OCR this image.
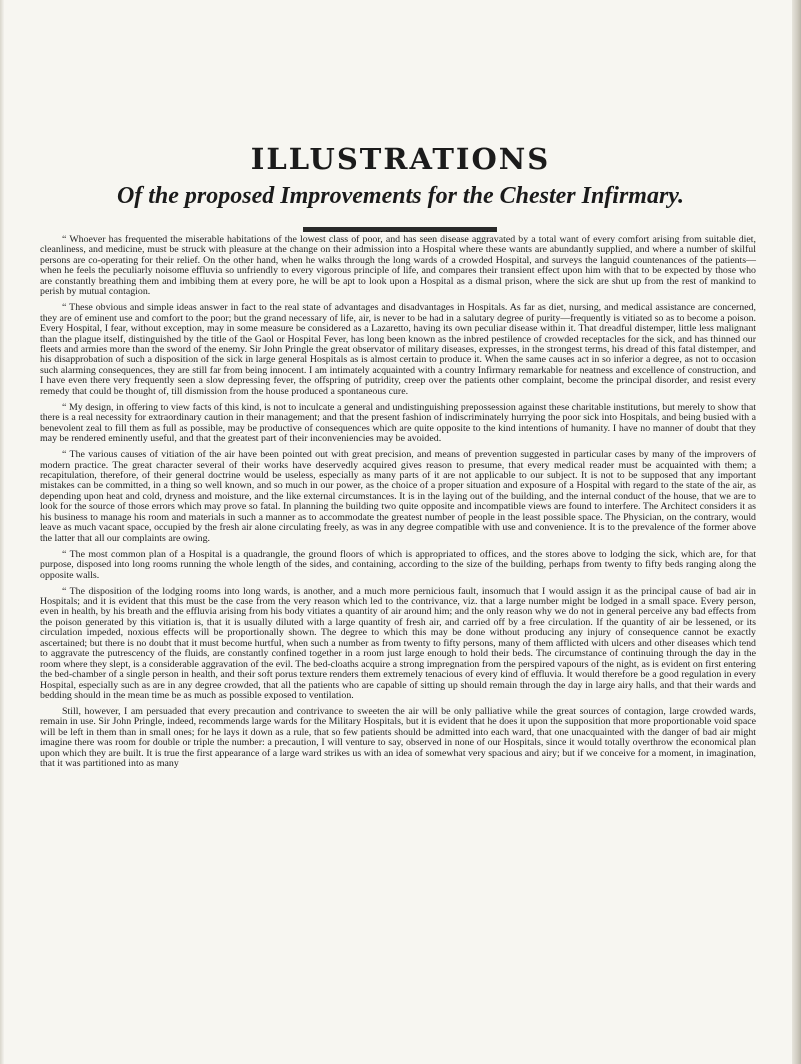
ILLUSTRATIONS
Of the proposed Improvements for the Chester Infirmary.

“ Whoever has frequented the miserable habitations of the lowest class of poor, and has seen disease aggravated by a total want of every comfort arising from suitable diet, cleanliness, and medicine, must be struck with pleasure at the change on their admission into a Hospital where these wants are abundantly supplied, and where a number of skilful persons are co-operating for their relief. On the other hand, when he walks through the long wards of a crowded Hospital, and surveys the languid countenances of the patients—when he feels the peculiarly noisome effluvia so unfriendly to every vigorous principle of life, and compares their transient effect upon him with that to be expected by those who are constantly breathing them and imbibing them at every pore, he will be apt to look upon a Hospital as a dismal prison, where the sick are shut up from the rest of mankind to perish by mutual contagion.

“ These obvious and simple ideas answer in fact to the real state of advantages and disadvantages in Hospitals. As far as diet, nursing, and medical assistance are concerned, they are of eminent use and comfort to the poor; but the grand necessary of life, air, is never to be had in a salutary degree of purity—frequently is vitiated so as to become a poison. Every Hospital, I fear, without exception, may in some measure be considered as a Lazaretto, having its own peculiar disease within it. That dreadful distemper, little less malignant than the plague itself, distinguished by the title of the Gaol or Hospital Fever, has long been known as the inbred pestilence of crowded receptacles for the sick, and has thinned our fleets and armies more than the sword of the enemy. Sir John Pringle the great observator of military diseases, expresses, in the strongest terms, his dread of this fatal distemper, and his disapprobation of such a disposition of the sick in large general Hospitals as is almost certain to produce it. When the same causes act in so inferior a degree, as not to occasion such alarming consequences, they are still far from being innocent. I am intimately acquainted with a country Infirmary remarkable for neatness and excellence of construction, and I have even there very frequently seen a slow depressing fever, the offspring of putridity, creep over the patients other complaint, become the principal disorder, and resist every remedy that could be thought of, till dismission from the house produced a spontaneous cure.

“ My design, in offering to view facts of this kind, is not to inculcate a general and undistinguishing prepossession against these charitable institutions, but merely to show that there is a real necessity for extraordinary caution in their management; and that the present fashion of indiscriminately hurrying the poor sick into Hospitals, and being busied with a benevolent zeal to fill them as full as possible, may be productive of consequences which are quite opposite to the kind intentions of humanity. I have no manner of doubt that they may be rendered eminently useful, and that the greatest part of their inconveniencies may be avoided.

“ The various causes of vitiation of the air have been pointed out with great precision, and means of prevention suggested in particular cases by many of the improvers of modern practice. The great character several of their works have deservedly acquired gives reason to presume, that every medical reader must be acquainted with them; a recapitulation, therefore, of their general doctrine would be useless, especially as many parts of it are not applicable to our subject. It is not to be supposed that any important mistakes can be committed, in a thing so well known, and so much in our power, as the choice of a proper situation and exposure of a Hospital with regard to the state of the air, as depending upon heat and cold, dryness and moisture, and the like external circumstances. It is in the laying out of the building, and the internal conduct of the house, that we are to look for the source of those errors which may prove so fatal. In planning the building two quite opposite and incompatible views are found to interfere. The Architect considers it as his business to manage his room and materials in such a manner as to accommodate the greatest number of people in the least possible space. The Physician, on the contrary, would leave as much vacant space, occupied by the fresh air alone circulating freely, as was in any degree compatible with use and convenience. It is to the prevalence of the former above the latter that all our complaints are owing.

“ The most common plan of a Hospital is a quadrangle, the ground floors of which is appropriated to offices, and the stores above to lodging the sick, which are, for that purpose, disposed into long rooms running the whole length of the sides, and containing, according to the size of the building, perhaps from twenty to fifty beds ranging along the opposite walls.

“ The disposition of the lodging rooms into long wards, is another, and a much more pernicious fault, insomuch that I would assign it as the principal cause of bad air in Hospitals; and it is evident that this must be the case from the very reason which led to the contrivance, viz. that a large number might be lodged in a small space. Every person, even in health, by his breath and the effluvia arising from his body vitiates a quantity of air around him; and the only reason why we do not in general perceive any bad effects from the poison generated by this vitiation is, that it is usually diluted with a large quantity of fresh air, and carried off by a free circulation. If the quantity of air be lessened, or its circulation impeded, noxious effects will be proportionally shown. The degree to which this may be done without producing any injury of consequence cannot be exactly ascertained; but there is no doubt that it must become hurtful, when such a number as from twenty to fifty persons, many of them afflicted with ulcers and other diseases which tend to aggravate the putrescency of the fluids, are constantly confined together in a room just large enough to hold their beds. The circumstance of continuing through the day in the room where they slept, is a considerable aggravation of the evil. The bed-cloaths acquire a strong impregnation from the perspired vapours of the night, as is evident on first entering the bed-chamber of a single person in health, and their soft porus texture renders them extremely tenacious of every kind of effluvia. It would therefore be a good regulation in every Hospital, especially such as are in any degree crowded, that all the patients who are capable of sitting up should remain through the day in large airy halls, and that their wards and bedding should in the mean time be as much as possible exposed to ventilation.

Still, however, I am persuaded that every precaution and contrivance to sweeten the air will be only palliative while the great sources of contagion, large crowded wards, remain in use. Sir John Pringle, indeed, recommends large wards for the Military Hospitals, but it is evident that he does it upon the supposition that more proportionable void space will be left in them than in small ones; for he lays it down as a rule, that so few patients should be admitted into each ward, that one unacquainted with the danger of bad air might imagine there was room for double or triple the number: a precaution, I will venture to say, observed in none of our Hospitals, since it would totally overthrow the economical plan upon which they are built. It is true the first appearance of a large ward strikes us with an idea of somewhat very spacious and airy; but if we conceive for a moment, in imagination, that it was partitioned into as many
